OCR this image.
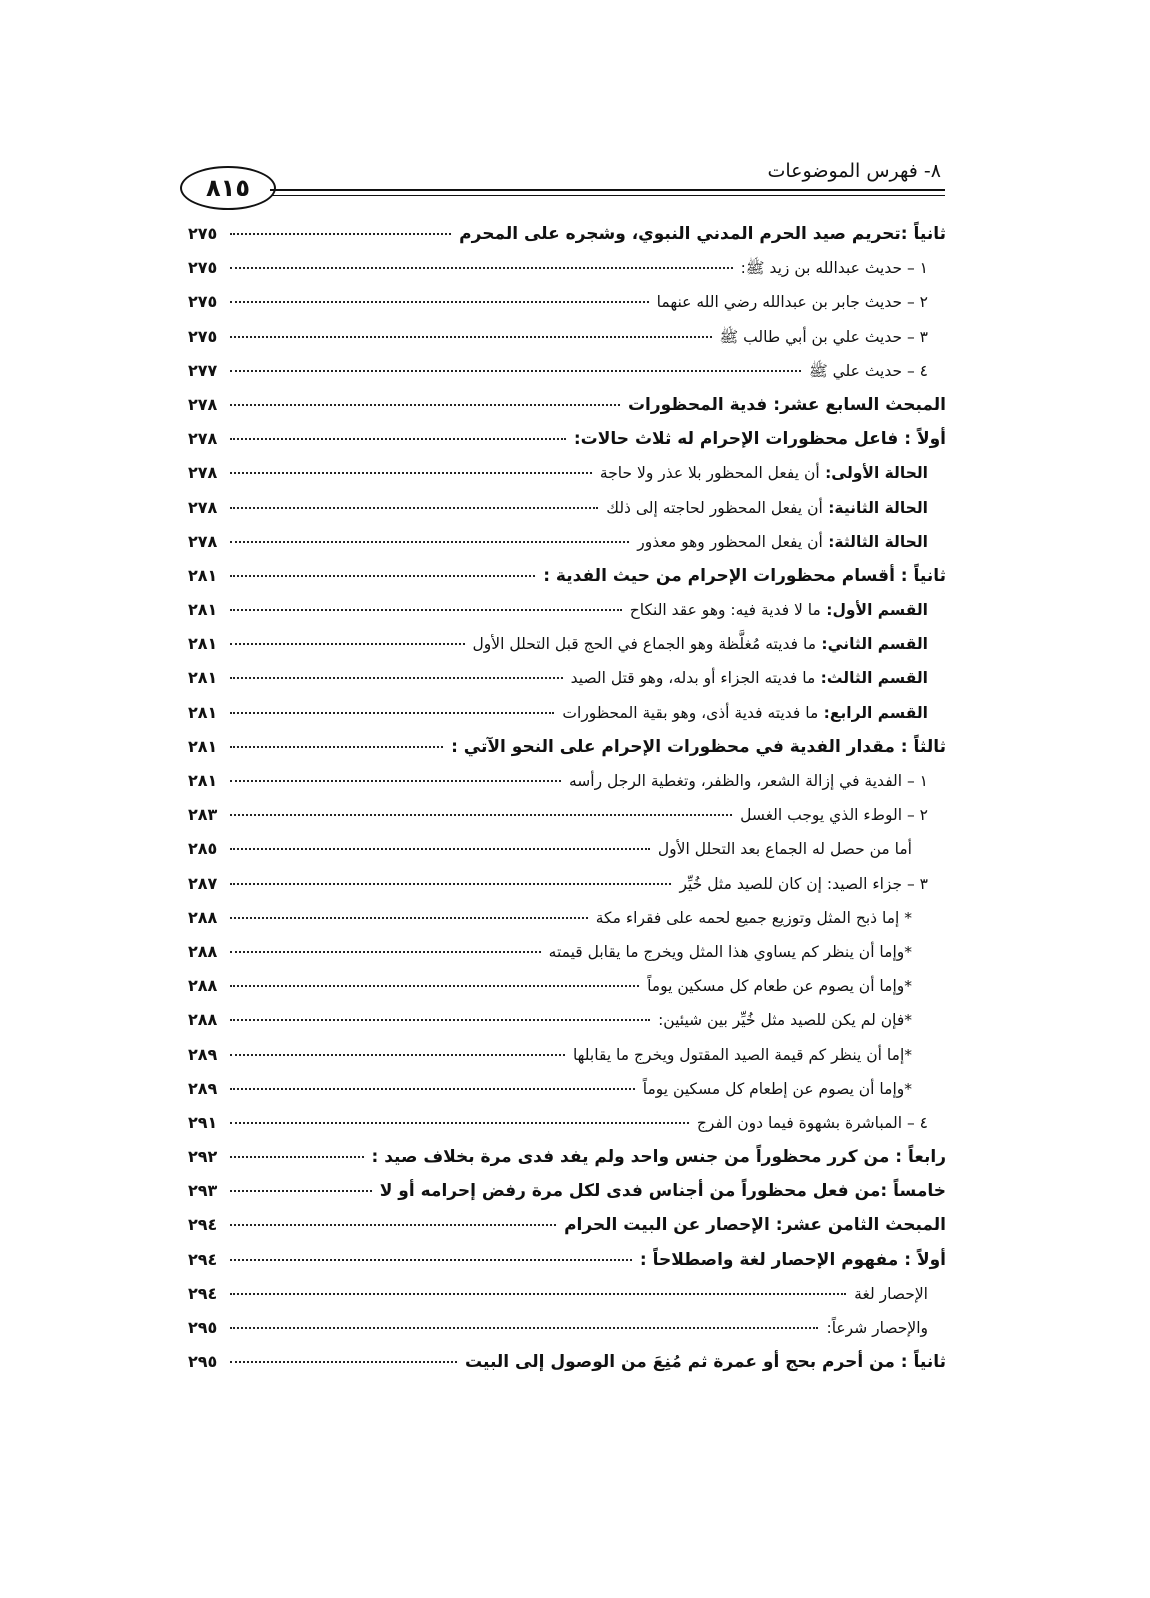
٨١٥
٨- فهرس الموضوعات
ثانياً :تحريم صيد الحرم المدني النبوي، وشجره على المحرم
٢٧٥
١ – حديث عبدالله بن زيد ﷺ:
٢٧٥
٢ – حديث جابر بن عبدالله رضي الله عنهما
٢٧٥
٣ – حديث علي بن أبي طالب ﷺ
٢٧٥
٤ – حديث علي ﷺ
٢٧٧
المبحث السابع عشر: فدية المحظورات
٢٧٨
أولاً : فاعل محظورات الإحرام له ثلاث حالات:
٢٧٨
الحالة الأولى: أن يفعل المحظور بلا عذر ولا حاجة
٢٧٨
الحالة الثانية: أن يفعل المحظور لحاجته إلى ذلك
٢٧٨
الحالة الثالثة: أن يفعل المحظور وهو معذور
٢٧٨
ثانياً : أقسام محظورات الإحرام من حيث الفدية :
٢٨١
القسم الأول: ما لا فدية فيه: وهو عقد النكاح
٢٨١
القسم الثاني: ما فديته مُغلَّظة وهو الجماع في الحج قبل التحلل الأول
٢٨١
القسم الثالث: ما فديته الجزاء أو بدله، وهو قتل الصيد
٢٨١
القسم الرابع: ما فديته فدية أذى، وهو بقية المحظورات
٢٨١
ثالثاً : مقدار الفدية في محظورات الإحرام على النحو الآتي :
٢٨١
١ – الفدية في إزالة الشعر، والظفر، وتغطية الرجل رأسه
٢٨١
٢ – الوطء الذي يوجب الغسل
٢٨٣
أما من حصل له الجماع بعد التحلل الأول
٢٨٥
٣ – جزاء الصيد: إن كان للصيد مثل خُيِّر
٢٨٧
* إما ذبح المثل وتوزيع جميع لحمه على فقراء مكة
٢٨٨
*وإما أن ينظر كم يساوي هذا المثل ويخرج ما يقابل قيمته
٢٨٨
*وإما أن يصوم عن طعام كل مسكين يوماً
٢٨٨
*فإن لم يكن للصيد مثل خُيِّر بين شيئين:
٢٨٨
*إما أن ينظر كم قيمة الصيد المقتول ويخرج ما يقابلها
٢٨٩
*وإما أن يصوم عن إطعام كل مسكين يوماً
٢٨٩
٤ – المباشرة بشهوة فيما دون الفرج
٢٩١
رابعاً : من كرر محظوراً من جنس واحد ولم يفد فدى مرة بخلاف صيد :
٢٩٢
خامساً :من فعل محظوراً من أجناس فدى لكل مرة رفض إحرامه أو لا
٢٩٣
المبحث الثامن عشر: الإحصار عن البيت الحرام
٢٩٤
أولاً : مفهوم الإحصار لغة واصطلاحاً :
٢٩٤
الإحصار لغة
٢٩٤
والإحصار شرعاً:
٢٩٥
ثانياً : من أحرم بحج أو عمرة ثم مُنِعَ من الوصول إلى البيت
٢٩٥
